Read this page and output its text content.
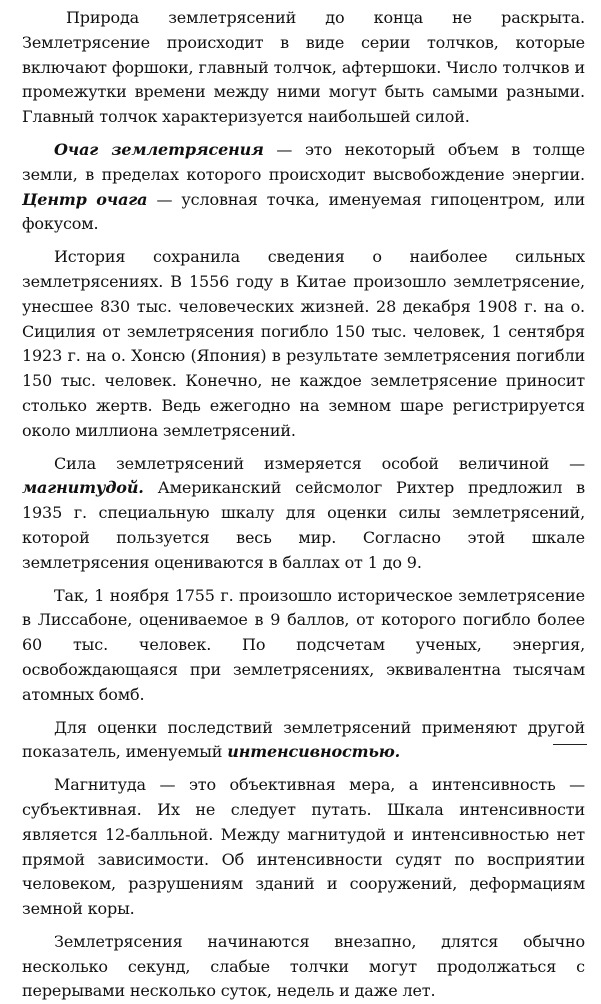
Природа землетрясений до конца не раскрыта. Землетрясение происходит в виде серии толчков, которые включают форшоки, главный толчок, афтершоки. Число толчков и промежутки времени между ними могут быть самыми разными. Главный толчок характеризуется наибольшей силой.

Очаг землетрясения — это некоторый объем в толще земли, в пределах которого происходит высвобождение энергии. Центр очага — условная точка, именуемая гипоцентром, или фокусом.

История сохранила сведения о наиболее сильных землетрясениях. В 1556 году в Китае произошло землетрясение, унесшее 830 тыс. человеческих жизней. 28 декабря 1908 г. на о. Сицилия от землетрясения погибло 150 тыс. человек, 1 сентября 1923 г. на о. Хонсю (Япония) в результате землетрясения погибли 150 тыс. человек. Конечно, не каждое землетрясение приносит столько жертв. Ведь ежегодно на земном шаре регистрируется около миллиона землетрясений.

Сила землетрясений измеряется особой величиной — магнитудой. Американский сейсмолог Рихтер предложил в 1935 г. специальную шкалу для оценки силы землетрясений, которой пользуется весь мир. Согласно этой шкале землетрясения оцениваются в баллах от 1 до 9.

Так, 1 ноября 1755 г. произошло историческое землетрясение в Лиссабоне, оцениваемое в 9 баллов, от которого погибло более 60 тыс. человек. По подсчетам ученых, энергия, освобождающаяся при землетрясениях, эквивалентна тысячам атомных бомб.

Для оценки последствий землетрясений применяют другой показатель, именуемый интенсивностью.

Магнитуда — это объективная мера, а интенсивность — субъективная. Их не следует путать. Шкала интенсивности является 12-балльной. Между магнитудой и интенсивностью нет прямой зависимости. Об интенсивности судят по восприятии человеком, разрушениям зданий и сооружений, деформациям земной коры.

Землетрясения начинаются внезапно, длятся обычно несколько секунд, слабые толчки могут продолжаться с перерывами несколько суток, недель и даже лет.
